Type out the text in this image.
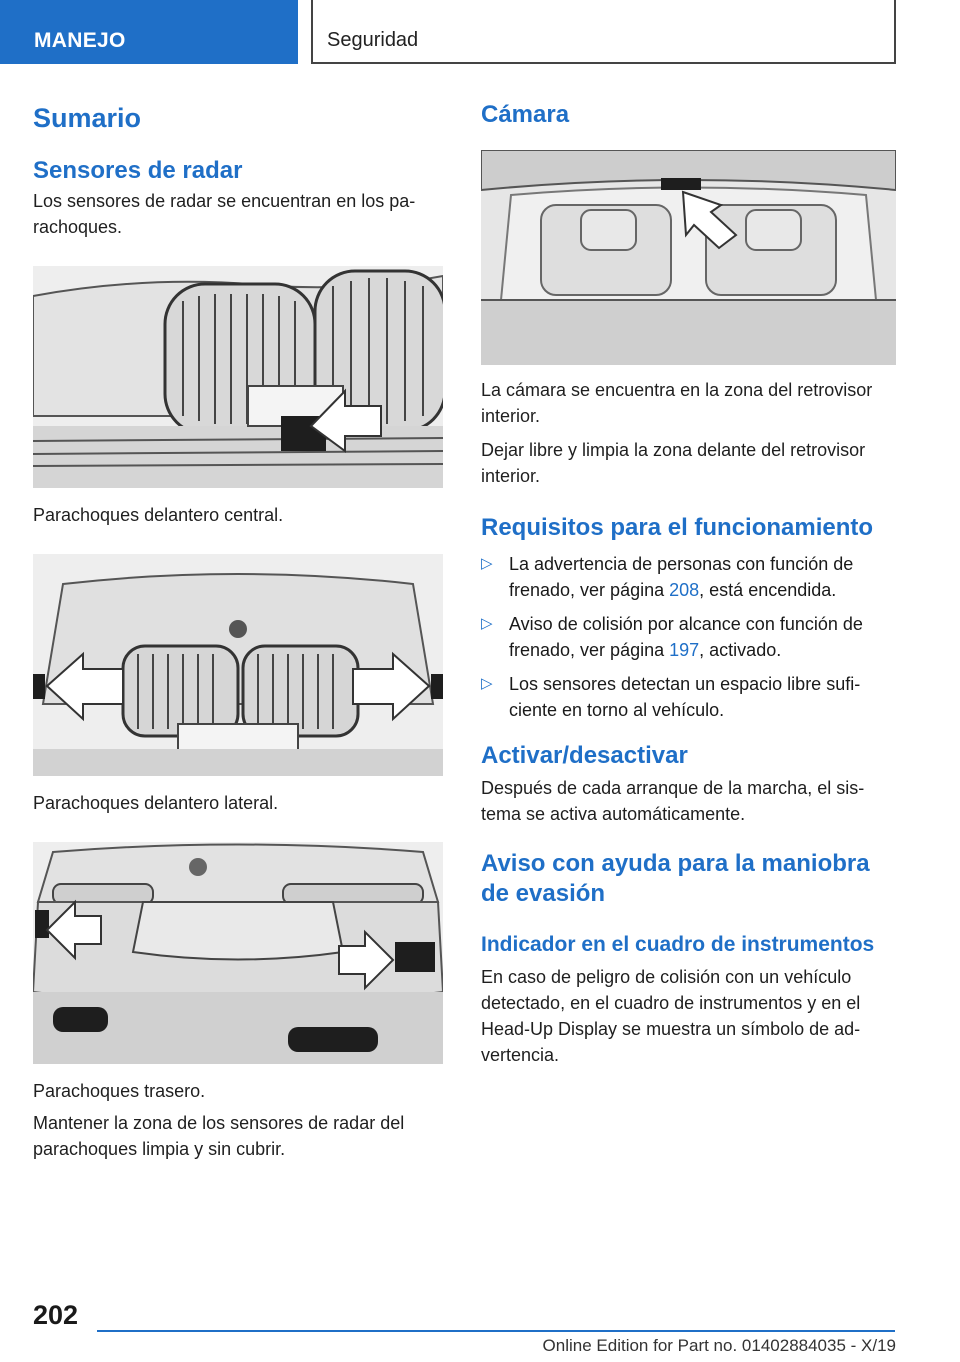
MANEJO	Seguridad
Sumario
Sensores de radar

Los sensores de radar se encuentran en los pa-rachoques.

Parachoques delantero central.

Parachoques delantero lateral.

Parachoques trasero.

Mantener la zona de los sensores de radar del parachoques limpia y sin cubrir.

Cámara

La cámara se encuentra en la zona del retrovisor interior.

Dejar libre y limpia la zona delante del retrovisor interior.

Requisitos para el funcionamiento
▷ La advertencia de personas con función de frenado, ver página 208, está encendida.
▷ Aviso de colisión por alcance con función de frenado, ver página 197, activado.
▷ Los sensores detectan un espacio libre sufi-ciente en torno al vehículo.
Activar/desactivar

Después de cada arranque de la marcha, el sis-tema se activa automáticamente.

Aviso con ayuda para la maniobra de evasión
Indicador en el cuadro de instrumentos

En caso de peligro de colisión con un vehículo detectado, en el cuadro de instrumentos y en el Head-Up Display se muestra un símbolo de ad-vertencia.

202
Online Edition for Part no. 01402884035 - X/19
